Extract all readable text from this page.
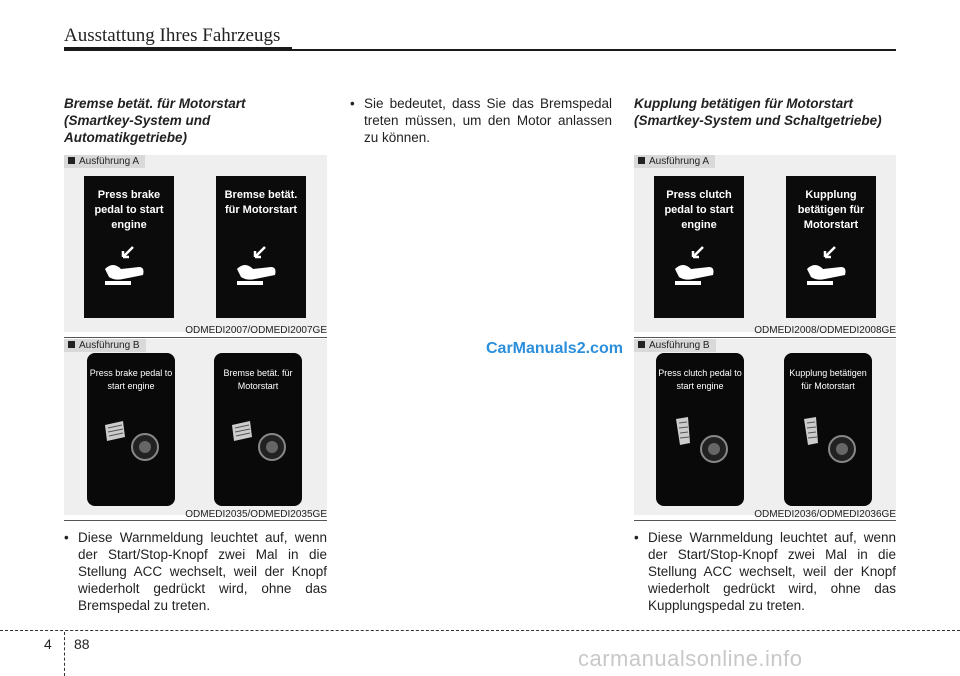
Ausstattung Ihres Fahrzeugs
Bremse betät. für Motorstart (Smartkey-System und Automatikgetriebe)
Ausführung A
Press brake pedal to start engine
Bremse betät. für Motorstart
ODMEDI2007/ODMEDI2007GE
Ausführung B
Press brake pedal to start engine
Bremse betät. für Motorstart
ODMEDI2035/ODMEDI2035GE
• Diese Warnmeldung leuchtet auf, wenn der Start/Stop-Knopf zwei Mal in die Stellung ACC wechselt, weil der Knopf wiederholt gedrückt wird, ohne das Bremspedal zu treten.
• Sie bedeutet, dass Sie das Bremspedal treten müssen, um den Motor anlassen zu können.
CarManuals2.com
Kupplung betätigen für Motorstart (Smartkey-System und Schaltgetriebe)
Ausführung A
Press clutch pedal to start engine
Kupplung betätigen für Motorstart
ODMEDI2008/ODMEDI2008GE
Ausführung B
Press clutch pedal to start engine
Kupplung betätigen für Motorstart
ODMEDI2036/ODMEDI2036GE
• Diese Warnmeldung leuchtet auf, wenn der Start/Stop-Knopf zwei Mal in die Stellung ACC wechselt, weil der Knopf wiederholt gedrückt wird, ohne das Kupplungspedal zu treten.
4 88
carmanualsonline.info
